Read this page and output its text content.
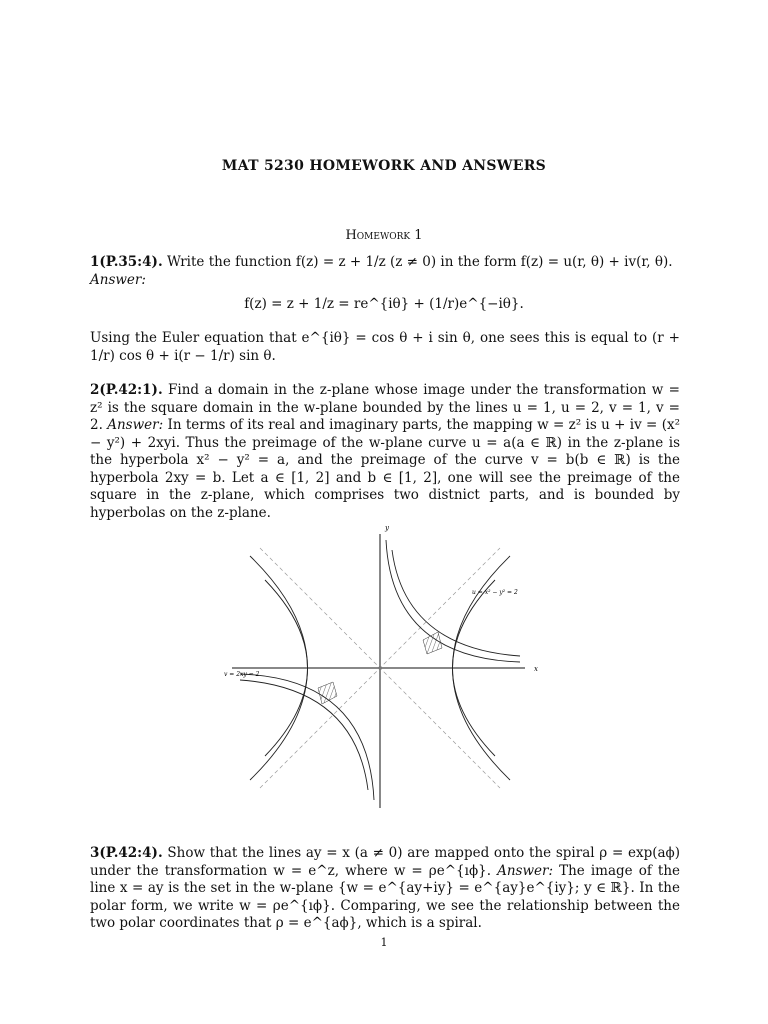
MAT 5230 HOMEWORK AND ANSWERS
Homework 1
1(P.35:4). Write the function f(z) = z + 1/z (z ≠ 0) in the form f(z) = u(r, θ) + iv(r, θ).
Answer:
f(z) = z + 1/z = re^{iθ} + (1/r)e^{−iθ}.
Using the Euler equation that e^{iθ} = cos θ + i sin θ, one sees this is equal to (r + 1/r) cos θ + i(r − 1/r) sin θ.
2(P.42:1). Find a domain in the z-plane whose image under the transformation w = z² is the square domain in the w-plane bounded by the lines u = 1, u = 2, v = 1, v = 2. Answer: In terms of its real and imaginary parts, the mapping w = z² is u + iv = (x² − y²) + 2xyi. Thus the preimage of the w-plane curve u = a(a ∈ ℝ) in the z-plane is the hyperbola x² − y² = a, and the preimage of the curve v = b(b ∈ ℝ) is the hyperbola 2xy = b. Let a ∈ [1, 2] and b ∈ [1, 2], one will see the preimage of the square in the z-plane, which comprises two distnict parts, and is bounded by hyperbolas on the z-plane.
y
x
u = x² − y² = 2
v = 2xy = 2
3(P.42:4). Show that the lines ay = x (a ≠ 0) are mapped onto the spiral ρ = exp(aϕ) under the transformation w = e^z, where w = ρe^{ıϕ}. Answer: The image of the line x = ay is the set in the w-plane {w = e^{ay+iy} = e^{ay}e^{iy}; y ∈ ℝ}. In the polar form, we write w = ρe^{ıϕ}. Comparing, we see the relationship between the two polar coordinates that ρ = e^{aϕ}, which is a spiral.
1
